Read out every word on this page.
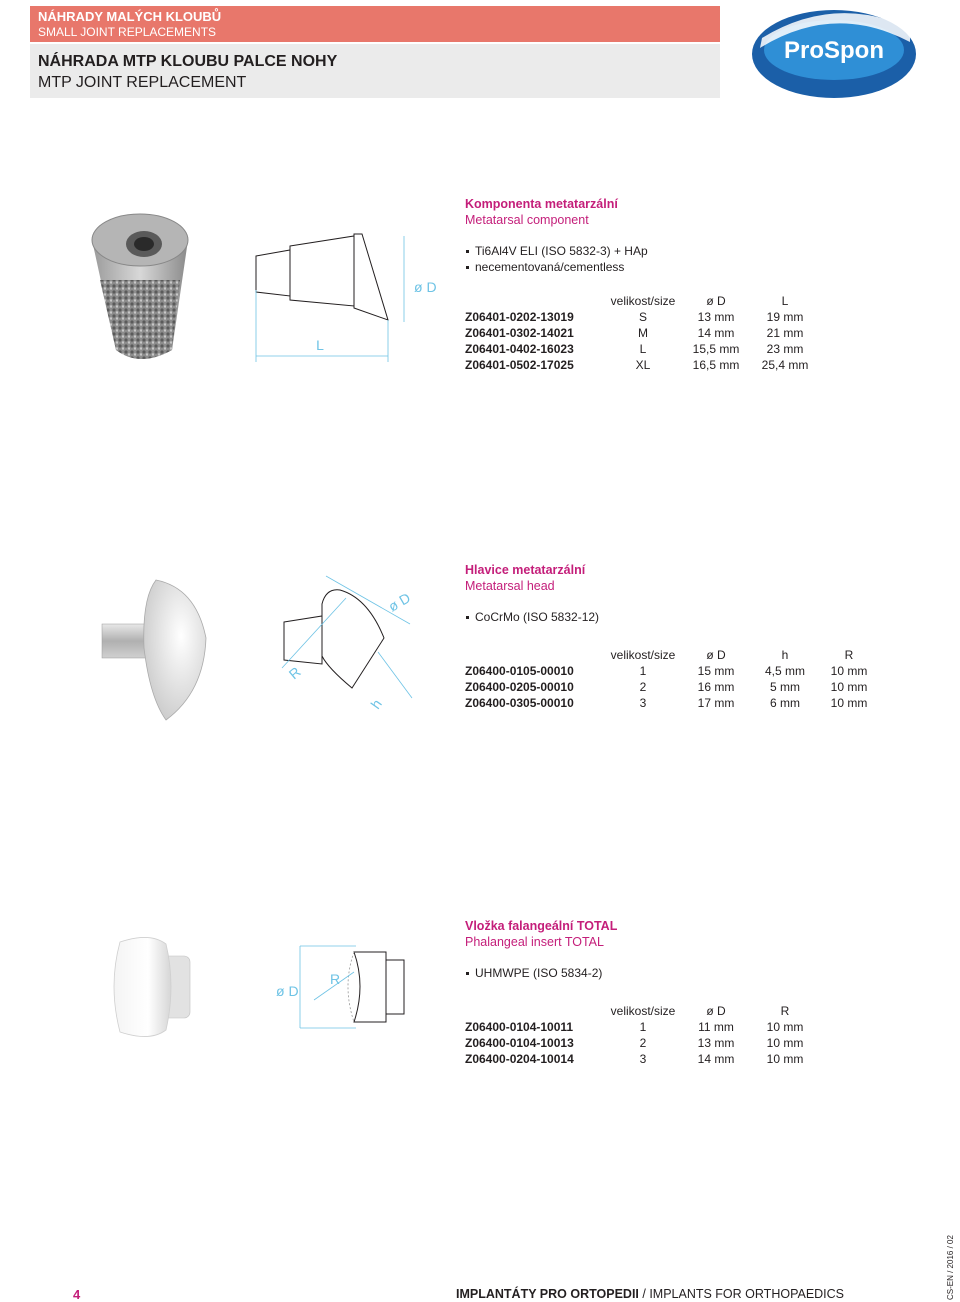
NÁHRADY MALÝCH KLOUBŮ
SMALL JOINT REPLACEMENTS
NÁHRADA MTP KLOUBU PALCE NOHY
MTP JOINT REPLACEMENT
ProSpon
L
ø D
Komponenta metatarzální
Metatarsal component
Ti6Al4V ELI (ISO 5832-3) + HAp
necementovaná/cementless
	velikost/size	ø D	L
Z06401-0202-13019	S	13 mm	19 mm
Z06401-0302-14021	M	14 mm	21 mm
Z06401-0402-16023	L	15,5 mm	23 mm
Z06401-0502-17025	XL	16,5 mm	25,4 mm
R
ø D
h
Hlavice metatarzální
Metatarsal head
CoCrMo (ISO 5832-12)
	velikost/size	ø D	h	R
Z06400-0105-00010	1	15 mm	4,5 mm	10 mm
Z06400-0205-00010	2	16 mm	5 mm	10 mm
Z06400-0305-00010	3	17 mm	6 mm	10 mm
ø D
R
Vložka falangeální TOTAL
Phalangeal insert TOTAL
UHMWPE (ISO 5834-2)
	velikost/size	ø D	R
Z06400-0104-10011	1	11 mm	10 mm
Z06400-0104-10013	2	13 mm	10 mm
Z06400-0204-10014	3	14 mm	10 mm
4	IMPLANTÁTY PRO ORTOPEDII / IMPLANTS FOR ORTHOPAEDICS	CS-EN / 2016 / 02
